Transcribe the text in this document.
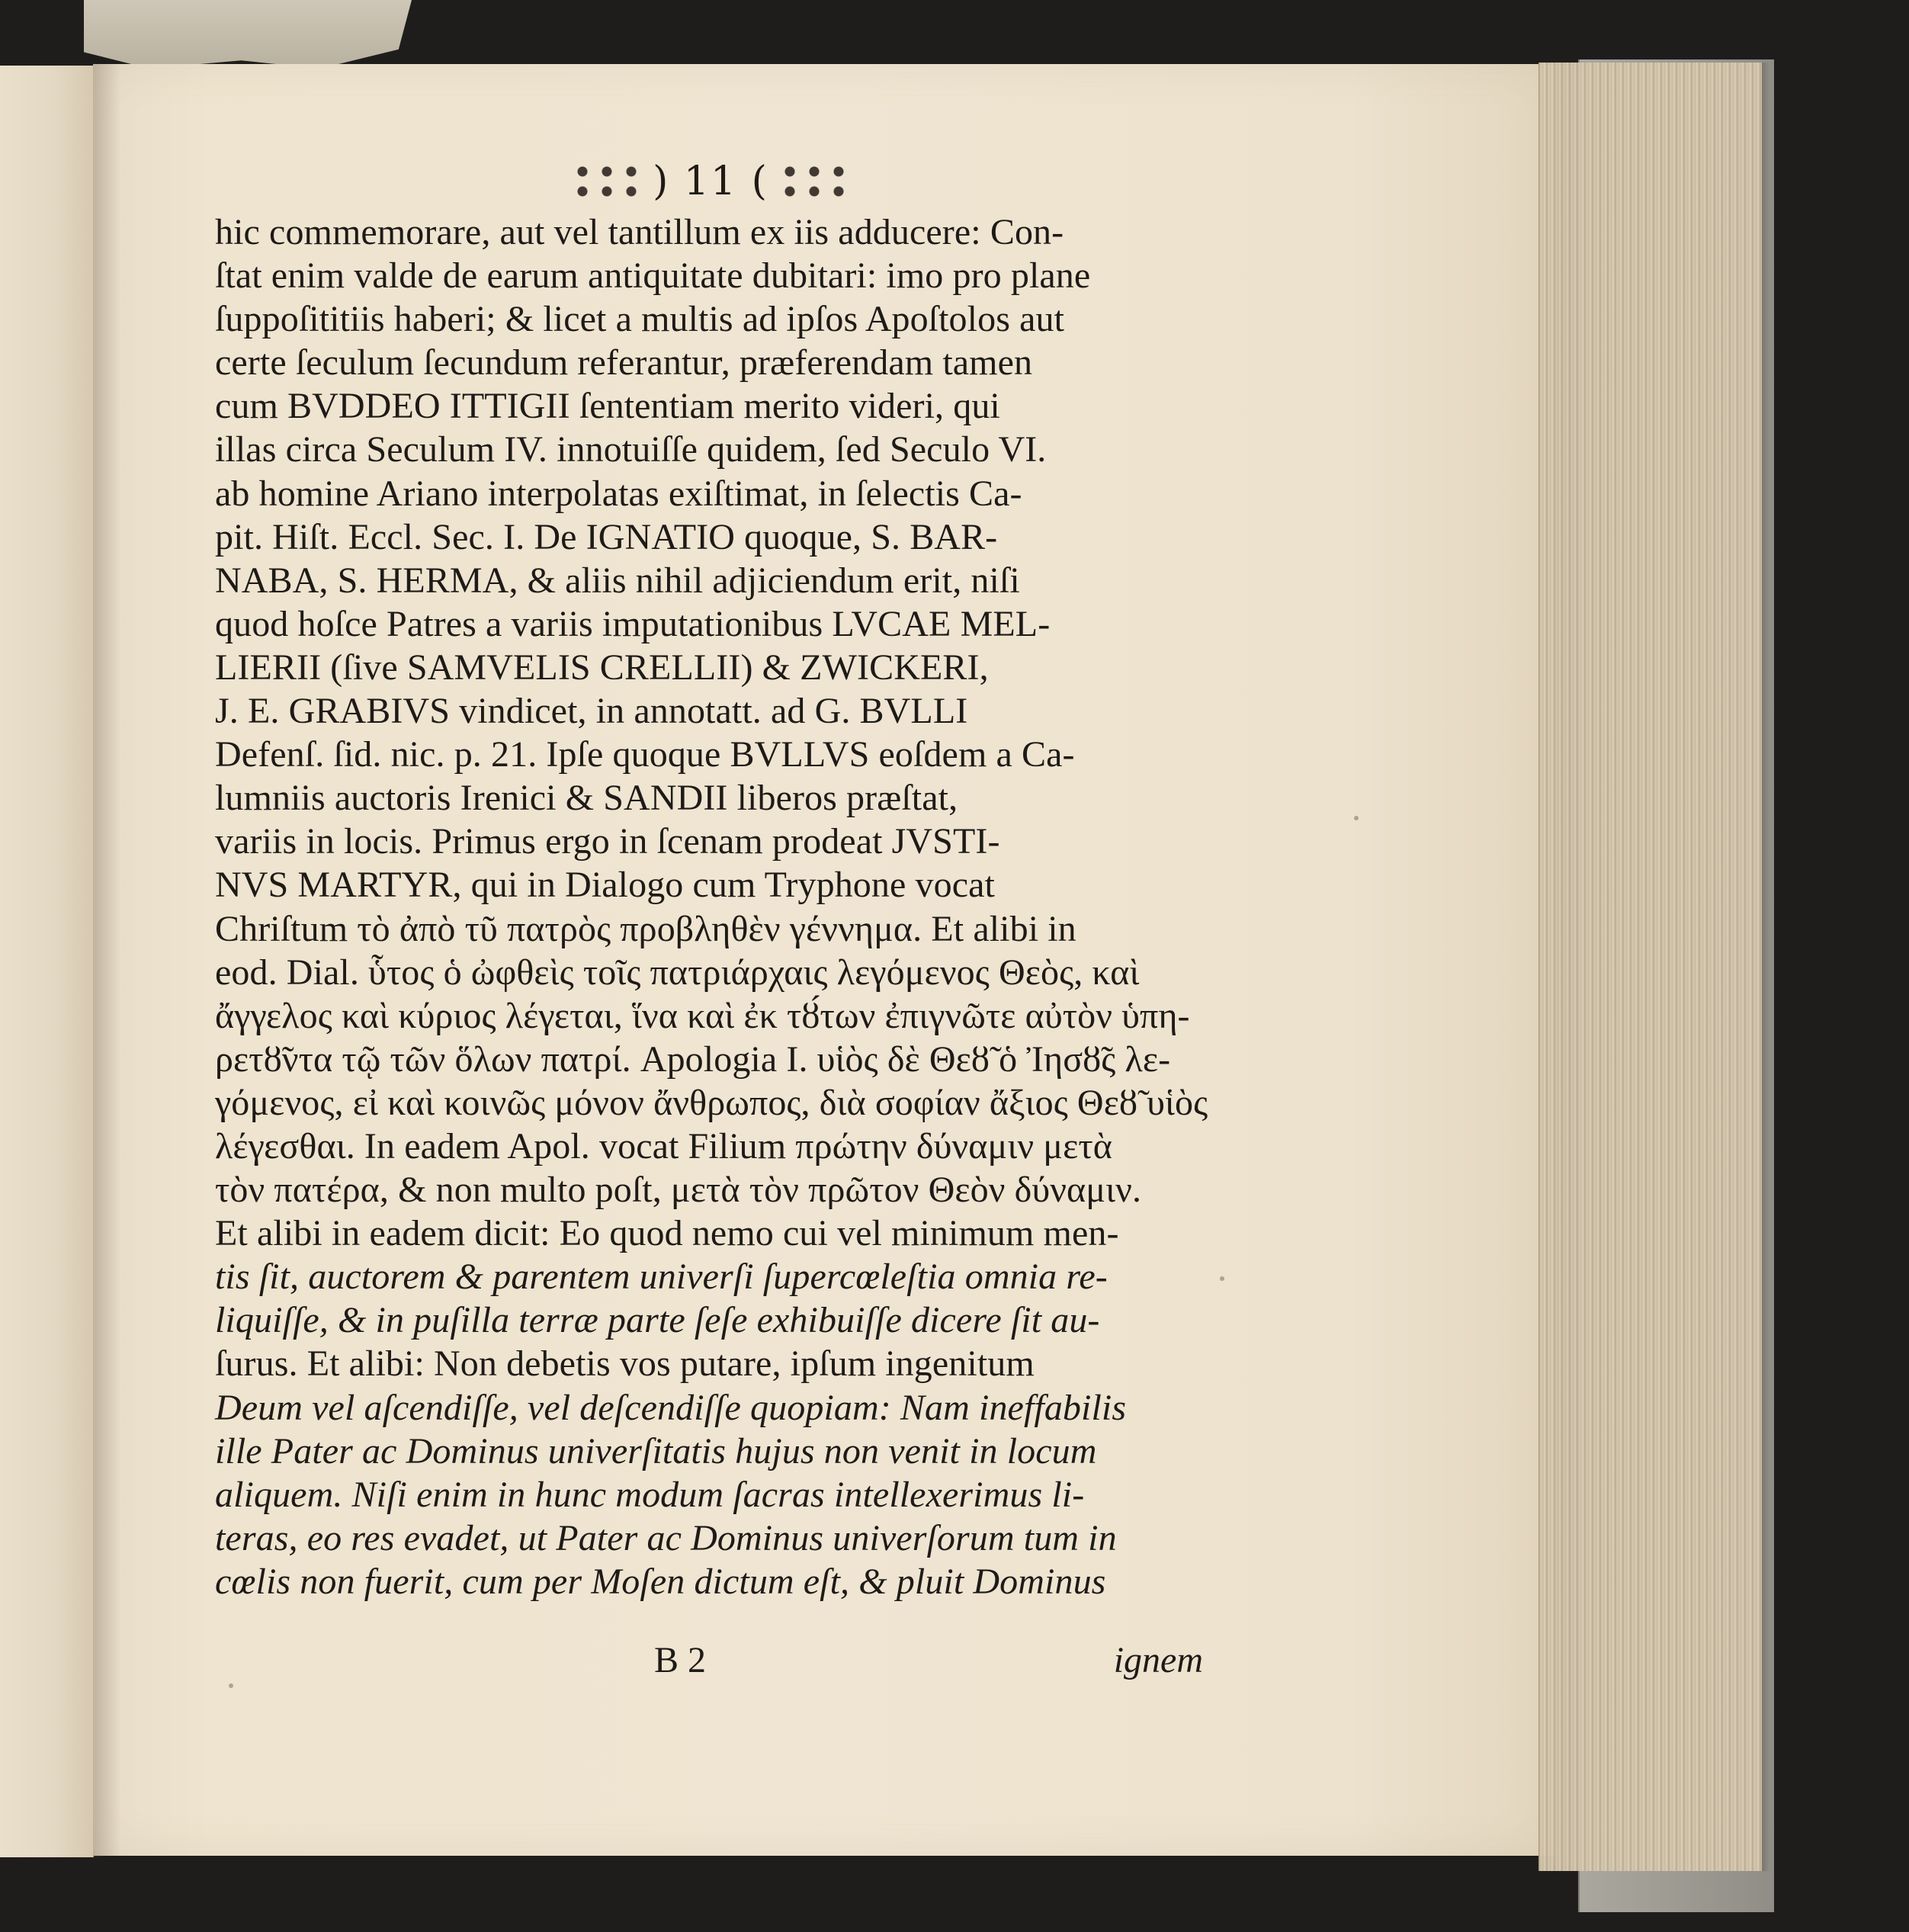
) 11 (
hic commemorare, aut vel tantillum ex iis adducere: Con-
ſtat enim valde de earum antiquitate dubitari: imo pro plane
ſuppoſititiis haberi; & licet a multis ad ipſos Apoſtolos aut
certe ſeculum ſecundum referantur, præferendam tamen
cum BVDDEO ITTIGII ſententiam merito videri, qui
illas circa Seculum IV. innotuiſſe quidem, ſed Seculo VI.
ab homine Ariano interpolatas exiſtimat, in ſelectis Ca-
pit. Hiſt. Eccl. Sec. I. De IGNATIO quoque, S. BAR-
NABA, S. HERMA, & aliis nihil adjiciendum erit, niſi
quod hoſce Patres a variis imputationibus LVCAE MEL-
LIERII (ſive SAMVELIS CRELLII) & ZWICKERI,
J. E. GRABIVS vindicet, in annotatt. ad G. BVLLI
Defenſ. ſid. nic. p. 21. Ipſe quoque BVLLVS eoſdem a Ca-
lumniis auctoris Irenici & SANDII liberos præſtat,
variis in locis. Primus ergo in ſcenam prodeat JVSTI-
NVS MARTYR, qui in Dialogo cum Tryphone vocat
Chriſtum τὸ ἀπὸ τῦ πατρὸς προβληθὲν γέννημα. Et alibi in
eod. Dial. ὗτος ὁ ὠφθεὶς τοῖς πατριάρχαις λεγόμενος Θεὸς, καὶ
ἄγγελος καὶ κύριος λέγεται, ἵνα καὶ ἐκ τȣ́των ἐπιγνῶτε αὐτὸν ὑπη-
ρετȣ̃ντα τῷ τῶν ὅλων πατρί. Apologia I. υἱὸς δὲ Θεȣ̃ ὁ Ἰησȣ̃ς λε-
γόμενος, εἰ καὶ κοινῶς μόνον ἄνθρωπος, διὰ σοφίαν ἄξιος Θεȣ̃ υἱὸς
λέγεσθαι. In eadem Apol. vocat Filium πρώτην δύναμιν μετὰ
τὸν πατέρα, & non multo poſt, μετὰ τὸν πρῶτον Θεὸν δύναμιν.
Et alibi in eadem dicit: Eo quod nemo cui vel minimum men-
tis ſit, auctorem & parentem univerſi ſupercœleſtia omnia re-
liquiſſe, & in puſilla terræ parte ſeſe exhibuiſſe dicere ſit au-
ſurus. Et alibi: Non debetis vos putare, ipſum ingenitum
Deum vel aſcendiſſe, vel deſcendiſſe quopiam: Nam ineffabilis
ille Pater ac Dominus univerſitatis hujus non venit in locum
aliquem. Niſi enim in hunc modum ſacras intellexerimus li-
teras, eo res evadet, ut Pater ac Dominus univerſorum tum in
cœlis non fuerit, cum per Moſen dictum eſt, & pluit Dominus
B 2	ignem
